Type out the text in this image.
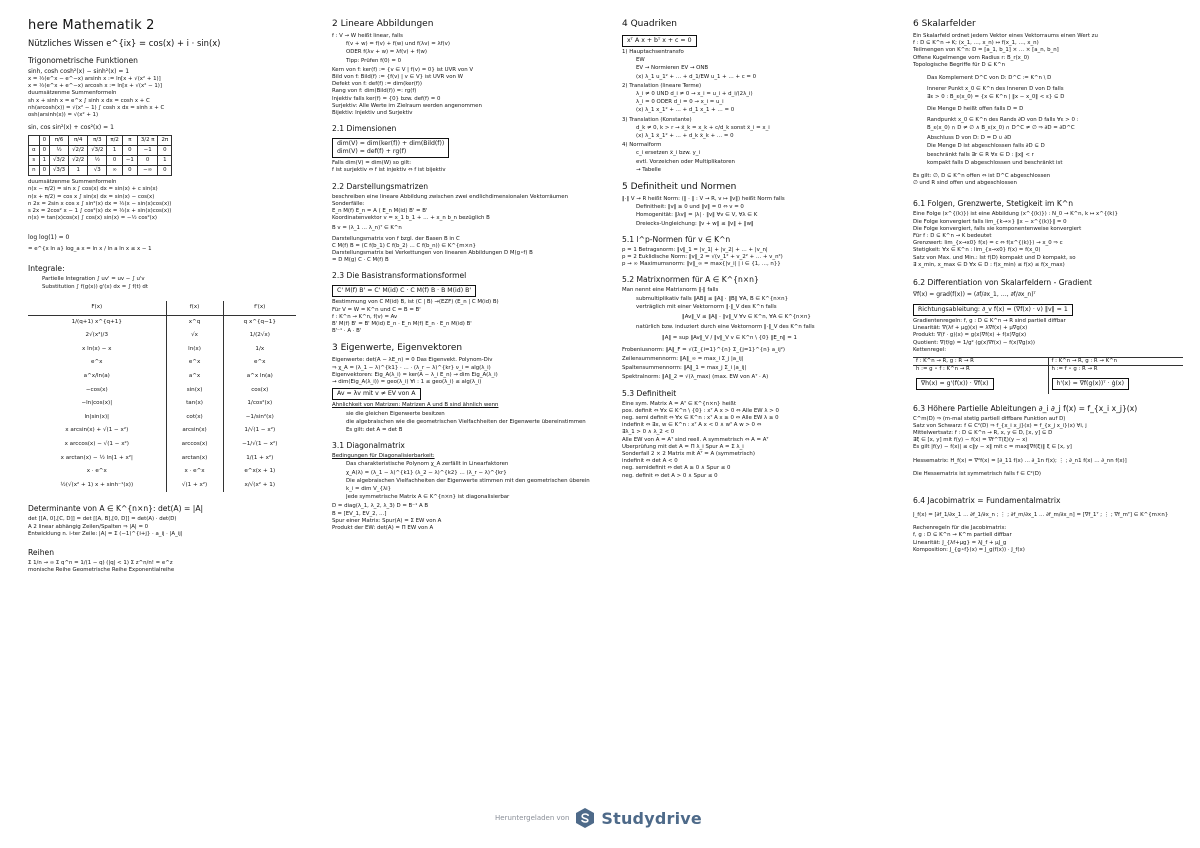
here Mathematik 2
Nützliches Wissen e^{ix} = cos(x) + i · sin(x)
Trigonometrische Funktionen
sinh, cosh cosh²(x) − sinh²(x) = 1
x = ½(e^x − e^−x) arsinh x := ln[x + √(x² + 1)]
x = ½(e^x + e^−x) arcosh x := ln[x + √(x² − 1)]
duumsätzenme Summenformeln
sh x + sinh x = e^x ∫ sinh x dx = cosh x + C
nh(arcosh(x)) = √(x² − 1) ∫ cosh x dx = sinh x + C
osh(arsinh(x)) = √(x² + 1)
sin, cos sin²(x) + cos²(x) = 1
	0	π/6	π/4	π/3	π/2	π	3/2 π	2π
α	0	½	√2/2	√3/2	1	0	−1	0
s	1	√3/2	√2/2	½	0	−1	0	1
n	0	√3/3	1	√3	∞	0	−∞	0
duumsätzenme Summenformeln
n(x − π/2) = sin x ∫ cos(x) dx = sin(x) + c sin(x)
n(x + π/2) = cos x ∫ sin(x) dx = sin(x) − cos(x)
n 2x = 2sin x cos x ∫ sin²(x) dx = ½(x − sin(x)cos(x))
s 2x = 2cos² x − 1 ∫ cos²(x) dx = ½(x + sin(x)cos(x))
n(x) = tan(x)cos(x) ∫ cos(x) sin(x) = −½ cos²(x)
log log(1) = 0
= e^{x ln a} log_a x = ln x / ln a ln x ≤ x − 1
Integrale:
• Partielle Integration ∫ uv' = uv − ∫ u'v
• Substitution ∫ f(g(x)) g'(x) dx = ∫ f(t) dt
F(x)	f(x)	f'(x)
1/(q+1) x^{q+1}	x^q	q x^{q−1}
2√(x³)/3	√x	1/(2√x)
x ln(x) − x	ln(x)	1/x
e^x	e^x	e^x
a^x/ln(a)	a^x	a^x ln(a)
−cos(x)	sin(x)	cos(x)
−ln|cos(x)|	tan(x)	1/cos²(x)
ln|sin(x)|	cot(x)	−1/sin²(x)
x arcsin(x) + √(1 − x²)	arcsin(x)	1/√(1 − x²)
x arccos(x) − √(1 − x²)	arccos(x)	−1/√(1 − x²)
x arctan(x) − ½ ln|1 + x²|	arctan(x)	1/(1 + x²)
x · e^x	x · e^x	e^x(x + 1)
½(√(x² + 1) x + sinh⁻¹(x))	√(1 + x²)	x/√(x² + 1)
Determinante von A ∈ K^{n×n}: det(A) = |A|
det [[A, 0],[C, D]] = det [[A, B],[0, D]] = det(A) · det(D)
A 2 linear abhängig Zeilen/Spalten ⇒ |A| = 0
Entwicklung n. i-ter Zeile: |A| = Σ (−1)^{i+j} · a_ij · |A_ij|
Reihen
Σ 1/n → ∞ Σ q^n = 1/(1 − q) (|q| < 1) Σ z^n/n! = e^z
monische Reihe Geometrische Reihe Exponentialreihe
2 Lineare Abbildungen
f : V → W heißt linear, falls
• f(v + w) = f(v) + f(w) und f(λv) = λf(v)
• ODER f(λv + w) = λf(v) + f(w)
• Tipp: Prüfen f(0) = 0
Kern von f: ker(f) := {v ∈ V | f(v) = 0} ist UVR von V
Bild von f: Bild(f) := {f(v) | v ∈ V} ist UVR von W
Defekt von f: def(f) := dim(ker(f))
Rang von f: dim(Bild(f)) =: rg(f)
Injektiv falls ker(f) = {0} bzw. def(f) = 0
Surjektiv: Alle Werte im Zielraum werden angenommen
Bijektiv: Injektiv und Surjektiv
2.1 Dimensionen
dim(V) = dim(ker(f)) + dim(Bild(f))
dim(V) = def(f) + rg(f)
Falls dim(V) = dim(W) so gilt:
f ist surjektiv ⇔ f ist injektiv ⇔ f ist bijektiv
2.2 Darstellungsmatrizen
beschreiben eine lineare Abbildung zwischen zwei endlichdimensionalen Vektorräumen
Sonderfälle:
E_n M(f) E_n = A ( E_n M(id) B' = B'
Koordinatenvektor v = x_1 b_1 + … + x_n b_n bezüglich B
B v = (λ_1 … λ_n)ᵀ ∈ K^n
Darstellungsmatrix von f bzgl. der Basen B in C
C M(f) B = (C f(b_1) C f(b_2) … C f(b_n)) ∈ K^{m×n}
Darstellungsmatrix bei Verkettungen von linearen Abbildungen D M(g∘f) B
= D M(g) C · C M(f) B
2.3 Die Basistransformationsformel
C' M(f) B' = C' M(id) C · C M(f) B · B M(id) B'
Bestimmung von C M(id) B, ist (C | B) →(EZF) (E_n | C M(id) B)
Für V = W = K^n und C = B = B'
f : K^n → K^n, f(v) = Av
B' M(f) B' = B' M(id) E_n · E_n M(f) E_n · E_n M(id) B'
B'⁻¹ · A · B'
3 Eigenwerte, Eigenvektoren
Eigenwerte: det(A − λE_n) = 0 Das Eigenvekt. Polynom-Div
⇒ χ_A = (λ_1 − λ)^{k1} · … · (λ_r − λ)^{kr} ν_i = alg(λ_i)
Eigenvektoren: Eig_A(λ_i) = ker(A − λ_i E_n) → dim Eig_A(λ_i)
→ dim(Eig_A(λ_i)) = geo(λ_i) ∀i : 1 ≤ geo(λ_i) ≤ alg(λ_i)
Av = λv mit v ≠ EV von A
Ähnlichkeit von Matrizen: Matrizen A und B sind ähnlich wenn
• sie die gleichen Eigenwerte besitzen
• die algebraischen wie die geometrischen Vielfachheiten der Eigenwerte übereinstimmen
• Es gilt: det A = det B
3.1 Diagonalmatrix
Bedingungen für Diagonalisierbarkeit:
• Das charakteristische Polynom χ_A zerfällt in Linearfaktoren
• χ_A(λ) = (λ_1 − λ)^{k1} (λ_2 − λ)^{k2} … (λ_r − λ)^{kr}
• Die algebraischen Vielfachheiten der Eigenwerte stimmen mit den geometrischen überein
• k_i = dim V_{λi}
• Jede symmetrische Matrix A ∈ K^{n×n} ist diagonalisierbar
D = diag(λ_1, λ_2, λ_3) D = B⁻¹ A B
B = [EV_1, EV_2, …]
Spur einer Matrix: Spur(A) = Σ EW von A
Produkt der EW: det(A) = Π EW von A
4 Quadriken
xᵀ A x + bᵀ x + c = 0
1) Hauptachsentransfo
• EW
• EV → Normieren EV → ONB
• (x) λ_1 u_1² + … + d_1/EW u_1 + … + c = 0
2) Translation (lineare Terme)
• λ_i ≠ 0 UND d_i ≠ 0 → x_i = u_i + d_i/(2λ_i)
• λ_i = 0 ODER d_i = 0 → x_i = u_i
• (x) λ_1 x_1² + … + d_1 x_1 + … = 0
3) Translation (Konstante)
• d_k ≠ 0, k > r → x̃_k = x_k + c/d_k sonst x̃_i = x_i
• (x) λ_1 x̃_1² + … + d_k x̃_k + … = 0
4) Normalform
• c_i ersetzen x̃_i bzw. y_i
• evtl. Vorzeichen oder Multiplikatoren
• → Tabelle
5 Definitheit und Normen
‖·‖ V → R heißt Norm: (‖ · ‖ : V → R, v ↦ ‖v‖) heißt Norm falls
• Definitheit: ‖v‖ ≥ 0 und ‖v‖ = 0 ⇔ v = 0
• Homogenität: ‖λv‖ = |λ| · ‖v‖ ∀v ∈ V, ∀λ ∈ K
• Dreiecks-Ungleichung: ‖v + w‖ ≤ ‖v‖ + ‖w‖
5.1 l^p-Normen für v ∈ K^n
p = 1 Betragsnorm: ‖v‖_1 = |v_1| + |v_2| + … + |v_n|
p = 2 Euklidische Norm: ‖v‖_2 = √(v_1² + v_2² + … + v_n²)
p → ∞ Maximumsnorm: ‖v‖_∞ = max{|v_i| | i ∈ {1, …, n}}
5.2 Matrixnormen für A ∈ K^{n×n}
Man nennt eine Matrixnorm ‖·‖ falls
• submultiplikativ falls ‖AB‖ ≤ ‖A‖ · ‖B‖ ∀A, B ∈ K^{n×n}
• verträglich mit einer Vektornorm ‖·‖_V des K^n falls
‖Av‖_V ≤ ‖A‖ · ‖v‖_V ∀v ∈ K^n, ∀A ∈ K^{n×n}
• natürlich bzw. induziert durch eine Vektornorm ‖·‖_V des K^n falls
‖A‖ = sup ‖Av‖_V / ‖v‖_V v ∈ K^n \ {0} ‖E_n‖ = 1
Frobeniusnorm: ‖A‖_F = √(Σ_{i=1}^{n} Σ_{j=1}^{n} a_ij²)
Zeilensummennorm: ‖A‖_∞ = max_i Σ_j |a_ij|
Spaltensummennorm: ‖A‖_1 = max_j Σ_i |a_ij|
Spektralnorm: ‖A‖_2 = √(λ_max) (max. EW von Aᵀ · A)
5.3 Definitheit
Eine sym. Matrix A = Aᵀ ∈ K^{n×n} heißt
pos. definit ⇔ ∀x ∈ K^n \ {0} : xᵀ A x > 0 ⇔ Alle EW λ > 0
neg. semi definit ⇔ ∀x ∈ K^n : xᵀ A x ≥ 0 ⇔ Alle EW λ ≥ 0
indefinit ⇔ ∃x, w ∈ K^n : xᵀ A x < 0 ∧ wᵀ A w > 0 ⇔
∃λ_1 > 0 ∧ λ_2 < 0
Alle EW von A = Aᵀ sind reell. A symmetrisch ⇔ A = Aᵀ
Überprüfung mit det A = Π λ_i Spur A = Σ λ_i
Sonderfall 2 × 2 Matrix mit Aᵀ = A (symmetrisch)
indefinit ⇔ det A < 0
neg. semidefinit ⇔ det A ≥ 0 ∧ Spur ≤ 0
neg. definit ⇔ det A > 0 ∧ Spur ≤ 0
6 Skalarfelder
Ein Skalarfeld ordnet jedem Vektor eines Vektorraums einen Wert zu
f : D ⊆ K^n → K; (x_1, …, x_n) ↦ f(x_1, …, x_n)
Teilmengen von K^n: D = [a_1, b_1] × … × [a_n, b_n]
Offene Kugelmenge vom Radius r: B_r(x_0)
Topologische Begriffe für D ⊆ K^n
• Das Komplement D^C von D: D^C := K^n \ D
• Innerer Punkt x_0 ∈ K^n des Inneren D̊ von D falls
∃ε > 0 : B_ε(x_0) = {x ∈ K^n | ‖x − x_0‖ < ε} ⊆ D
• Die Menge D heißt offen falls D = D̊
• Randpunkt x_0 ∈ K^n des Rands ∂D von D falls ∀ε > 0 :
B_ε(x_0) ∩ D ≠ ∅ ∧ B_ε(x_0) ∩ D^C ≠ ∅ ⇒ ∂D = ∂D^C
• Abschluss D̄ von D: D̄ = D ∪ ∂D
• Die Menge D ist abgeschlossen falls ∂D ⊆ D
• beschränkt falls ∃r ∈ R ∀x ∈ D : ‖x‖ < r
• kompakt falls D abgeschlossen und beschränkt ist
Es gilt: ∅, D ⊆ K^n offen ⇔ ist D^C abgeschlossen
∅ und R sind offen und abgeschlossen
6.1 Folgen, Grenzwerte, Stetigkeit im K^n
Eine Folge (x^{(k)}) ist eine Abbildung (x^{(k)}) : N_0 → K^n, k ↦ x^{(k)}
Die Folge konvergiert falls lim_{k→∞} ‖x − x^{(k)}‖ = 0
Die Folge konvergiert, falls sie komponentenweise konvergiert
Für f : D ⊆ K^n → K bedeutet
Grenzwert: lim_{x→x0} f(x) = c ⇔ f(x^{(k)}) → x_0 ⇒ c
Stetigkeit: ∀x ∈ K^n : lim_{x→x0} f(x) = f(x_0)
Satz von Max. und Min.: Ist f(D) kompakt und D kompakt, so
∃ x_min, x_max ∈ D ∀x ∈ D : f(x_min) ≤ f(x) ≤ f(x_max)
6.2 Differentiation von Skalarfeldern - Gradient
∇f(x) = grad(f(x)) = (∂f/∂x_1, …, ∂f/∂x_n)ᵀ
Richtungsableitung: ∂_v f(x) = (∇f(x) · v) ‖v‖ = 1
Gradientenregeln: f, g : D ⊆ K^n → R sind partiell diffbar
Linearität: ∇(λf + μg)(x) = λ∇f(x) + μ∇g(x)
Produkt: ∇(f · g)(x) = g(x)∇f(x) + f(x)∇g(x)
Quotient: ∇(f/g) = 1/g² (g(x)∇f(x) − f(x)∇g(x))
Kettenregel:
f : K^n → R, g : R → R	f : K^n → R, g : R → K^n
h := g ∘ f : K^n → R	h := f ∘ g : R → R
∇h(x) = g'(f(x)) · ∇f(x)	h'(x) = ∇f(g(x))ᵀ · ġ(x)
6.3 Höhere Partielle Ableitungen ∂_i ∂_j f(x) = f_{x_i x_j}(x)
C^m(D) ⇒ (m-mal stetig partiell diffbare Funktion auf D)
Satz von Schwarz: f ∈ C²(D) ⇒ f_{x_i x_j}(x) = f_{x_j x_i}(x) ∀i, j
Mittelwertsatz: f : D ⊆ K^n → R, x, y ∈ D, [x, y] ⊆ D
∃ξ ∈ [x, y] mit f(y) − f(x) = ∇f^T(ξ)(y − x)
Es gilt |f(y) − f(x)| ≤ c‖y − x‖ mit c = max‖∇f(ξ)‖ ξ ∈ [x, y]
Hessematrix: H_f(x) = ∇²f(x) = [∂_11 f(x) … ∂_1n f(x); ⋮ ; ∂_n1 f(x) … ∂_nn f(x)]
Die Hessematrix ist symmetrisch falls f ∈ C²(D)
6.4 Jacobimatrix = Fundamentalmatrix
J_f(x) = [∂f_1/∂x_1 … ∂f_1/∂x_n ; ⋮ ; ∂f_m/∂x_1 … ∂f_m/∂x_n] = [∇f_1ᵀ ; ⋮ ; ∇f_mᵀ] ∈ K^{m×n}
Rechenregeln für die Jacobimatrix:
f, g : D ⊆ K^n → K^m partiell diffbar
Linearität: J_{λf+μg} = λJ_f + μJ_g
Komposition: J_{g∘f}(x) = J_g(f(x)) · J_f(x)
Heruntergeladen von Studydrive
